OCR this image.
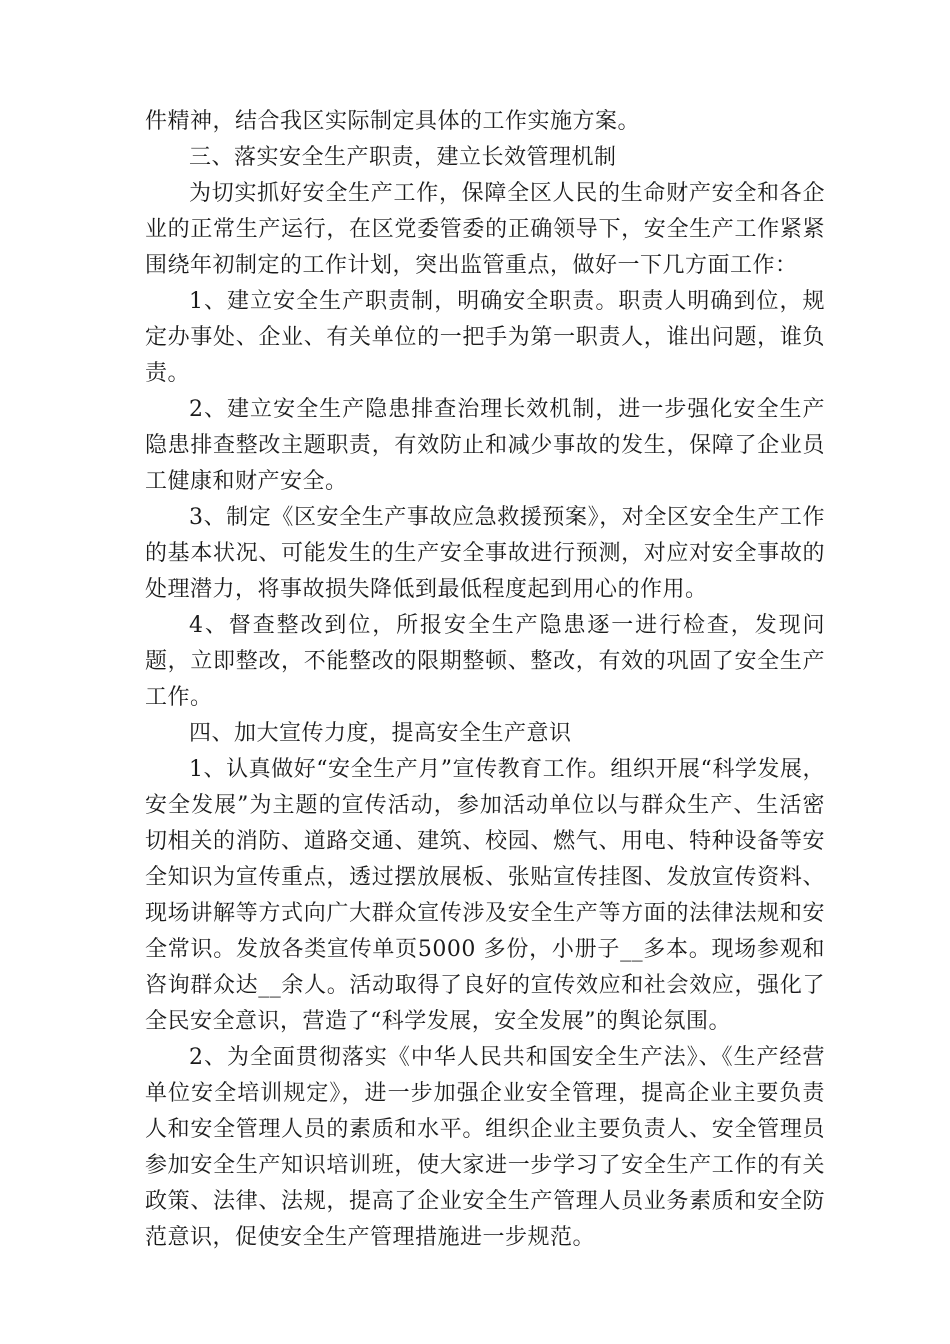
件精神，结合我区实际制定具体的工作实施方案。

三、落实安全生产职责，建立长效管理机制

为切实抓好安全生产工作，保障全区人民的生命财产安全和各企业的正常生产运行，在区党委管委的正确领导下，安全生产工作紧紧围绕年初制定的工作计划，突出监管重点，做好一下几方面工作：

1、建立安全生产职责制，明确安全职责。职责人明确到位，规定办事处、企业、有关单位的一把手为第一职责人，谁出问题，谁负责。

2、建立安全生产隐患排查治理长效机制，进一步强化安全生产隐患排查整改主题职责，有效防止和减少事故的发生，保障了企业员工健康和财产安全。

3、制定《区安全生产事故应急救援预案》，对全区安全生产工作的基本状况、可能发生的生产安全事故进行预测，对应对安全事故的处理潜力，将事故损失降低到最低程度起到用心的作用。

4、督查整改到位，所报安全生产隐患逐一进行检查，发现问题，立即整改，不能整改的限期整顿、整改，有效的巩固了安全生产工作。

四、加大宣传力度，提高安全生产意识

1、认真做好“安全生产月”宣传教育工作。组织开展“科学发展，安全发展”为主题的宣传活动，参加活动单位以与群众生产、生活密切相关的消防、道路交通、建筑、校园、燃气、用电、特种设备等安全知识为宣传重点，透过摆放展板、张贴宣传挂图、发放宣传资料、现场讲解等方式向广大群众宣传涉及安全生产等方面的法律法规和安全常识。发放各类宣传单页5000 多份，小册子__多本。现场参观和咨询群众达__余人。活动取得了良好的宣传效应和社会效应，强化了全民安全意识，营造了“科学发展，安全发展”的舆论氛围。

2、为全面贯彻落实《中华人民共和国安全生产法》、《生产经营单位安全培训规定》，进一步加强企业安全管理，提高企业主要负责人和安全管理人员的素质和水平。组织企业主要负责人、安全管理员参加安全生产知识培训班，使大家进一步学习了安全生产工作的有关政策、法律、法规，提高了企业安全生产管理人员业务素质和安全防范意识，促使安全生产管理措施进一步规范。
